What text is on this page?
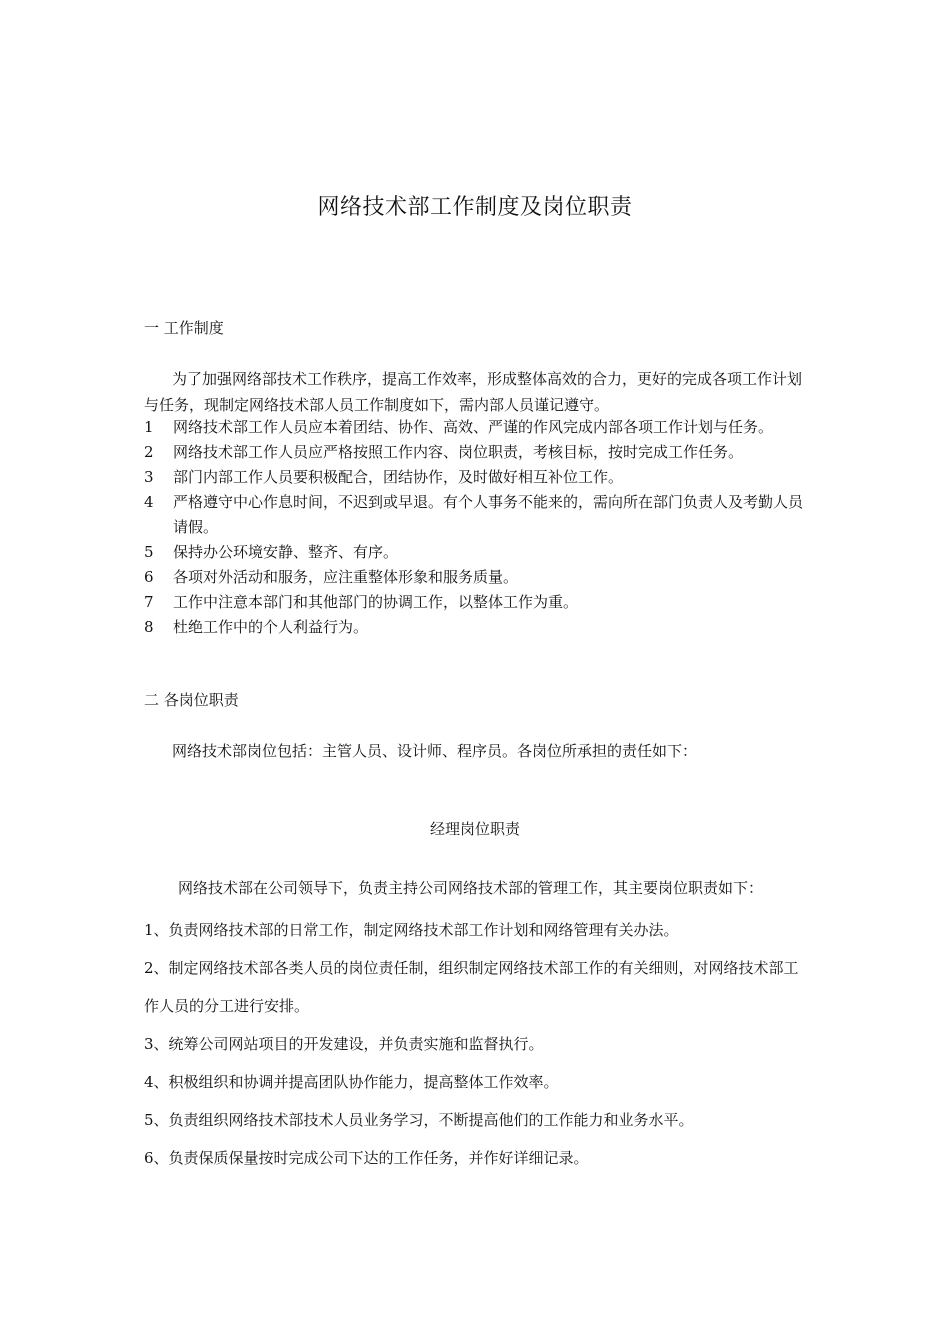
网络技术部工作制度及岗位职责
一 工作制度
为了加强网络部技术工作秩序，提高工作效率，形成整体高效的合力，更好的完成各项工作计划与任务，现制定网络技术部人员工作制度如下，需内部人员谨记遵守。
1	网络技术部工作人员应本着团结、协作、高效、严谨的作风完成内部各项工作计划与任务。
2	网络技术部工作人员应严格按照工作内容、岗位职责，考核目标，按时完成工作任务。
3	部门内部工作人员要积极配合，团结协作，及时做好相互补位工作。
4	严格遵守中心作息时间，不迟到或早退。有个人事务不能来的，需向所在部门负责人及考勤人员请假。
5	保持办公环境安静、整齐、有序。
6	各项对外活动和服务，应注重整体形象和服务质量。
7	工作中注意本部门和其他部门的协调工作，以整体工作为重。
8	杜绝工作中的个人利益行为。
二 各岗位职责
网络技术部岗位包括：主管人员、设计师、程序员。各岗位所承担的责任如下：
经理岗位职责
网络技术部在公司领导下，负责主持公司网络技术部的管理工作，其主要岗位职责如下：
1、负责网络技术部的日常工作，制定网络技术部工作计划和网络管理有关办法。
2、制定网络技术部各类人员的岗位责任制，组织制定网络技术部工作的有关细则，对网络技术部工作人员的分工进行安排。
3、统筹公司网站项目的开发建设，并负责实施和监督执行。
4、积极组织和协调并提高团队协作能力，提高整体工作效率。
5、负责组织网络技术部技术人员业务学习，不断提高他们的工作能力和业务水平。
6、负责保质保量按时完成公司下达的工作任务，并作好详细记录。
